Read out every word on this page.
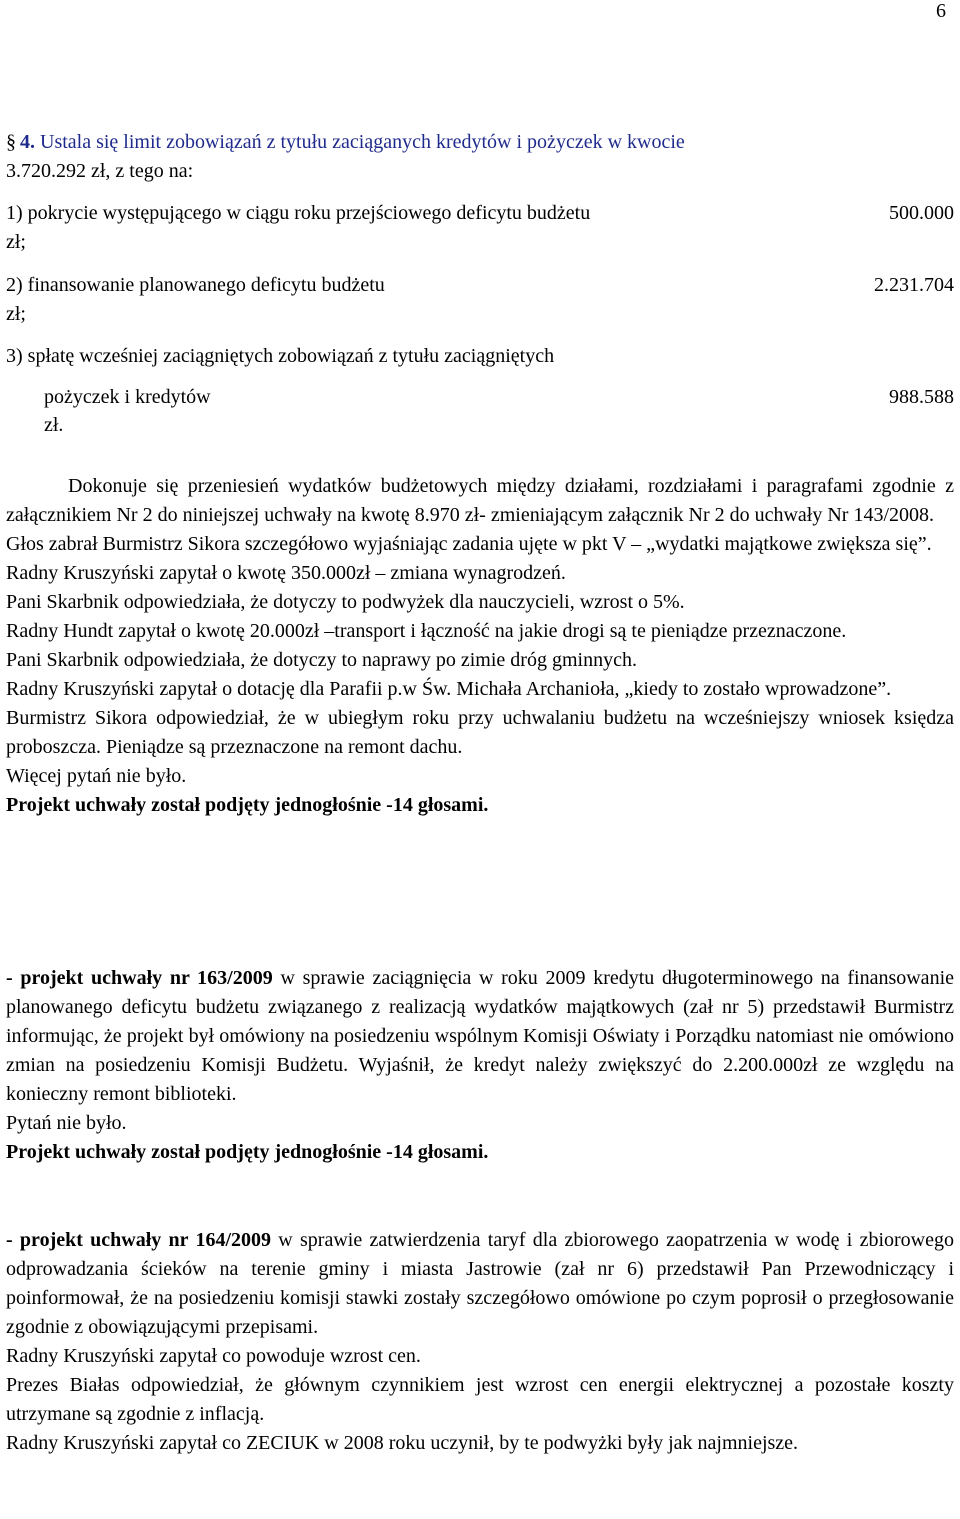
6
§ 4. Ustala się limit zobowiązań z tytułu zaciąganych kredytów i pożyczek w kwocie
3.720.292 zł, z tego na:
1) pokrycie występującego w ciągu roku przejściowego deficytu budżetu	500.000
zł;
2) finansowanie planowanego deficytu budżetu	2.231.704
zł;
3) spłatę wcześniej zaciągniętych zobowiązań z tytułu zaciągniętych
pożyczek i kredytów	988.588
zł.

Dokonuje się przeniesień wydatków budżetowych między działami, rozdziałami i paragrafami zgodnie z załącznikiem Nr 2 do niniejszej uchwały na kwotę 8.970 zł- zmieniającym załącznik Nr 2 do uchwały Nr 143/2008.

Głos zabrał Burmistrz Sikora szczegółowo wyjaśniając zadania ujęte w pkt V – „wydatki majątkowe zwiększa się”.

Radny Kruszyński zapytał o kwotę 350.000zł – zmiana wynagrodzeń.

Pani Skarbnik odpowiedziała, że dotyczy to podwyżek dla nauczycieli, wzrost o 5%.

Radny Hundt zapytał o kwotę 20.000zł –transport i łączność na jakie drogi są te pieniądze przeznaczone.

Pani Skarbnik odpowiedziała, że dotyczy to naprawy po zimie dróg gminnych.

Radny Kruszyński zapytał o dotację dla Parafii p.w Św. Michała Archanioła, „kiedy to zostało wprowadzone”.

Burmistrz Sikora odpowiedział, że w ubiegłym roku przy uchwalaniu budżetu na wcześniejszy wniosek księdza proboszcza. Pieniądze są przeznaczone na remont dachu.

Więcej pytań nie było.

Projekt uchwały został podjęty jednogłośnie -14 głosami.

- projekt uchwały nr 163/2009 w sprawie zaciągnięcia w roku 2009 kredytu długoterminowego na finansowanie planowanego deficytu budżetu związanego z realizacją wydatków majątkowych (zał nr 5) przedstawił Burmistrz informując, że projekt był omówiony na posiedzeniu wspólnym Komisji Oświaty i Porządku natomiast nie omówiono zmian na posiedzeniu Komisji Budżetu. Wyjaśnił, że kredyt należy zwiększyć do 2.200.000zł ze względu na konieczny remont biblioteki.

Pytań nie było.

Projekt uchwały został podjęty jednogłośnie -14 głosami.

- projekt uchwały nr 164/2009 w sprawie zatwierdzenia taryf dla zbiorowego zaopatrzenia w wodę i zbiorowego odprowadzania ścieków na terenie gminy i miasta Jastrowie (zał nr 6) przedstawił Pan Przewodniczący i poinformował, że na posiedzeniu komisji stawki zostały szczegółowo omówione po czym poprosił o przegłosowanie zgodnie z obowiązującymi przepisami.

Radny Kruszyński zapytał co powoduje wzrost cen.

Prezes Białas odpowiedział, że głównym czynnikiem jest wzrost cen energii elektrycznej a pozostałe koszty utrzymane są zgodnie z inflacją.

Radny Kruszyński zapytał co ZECIUK w 2008 roku uczynił, by te podwyżki były jak najmniejsze.
